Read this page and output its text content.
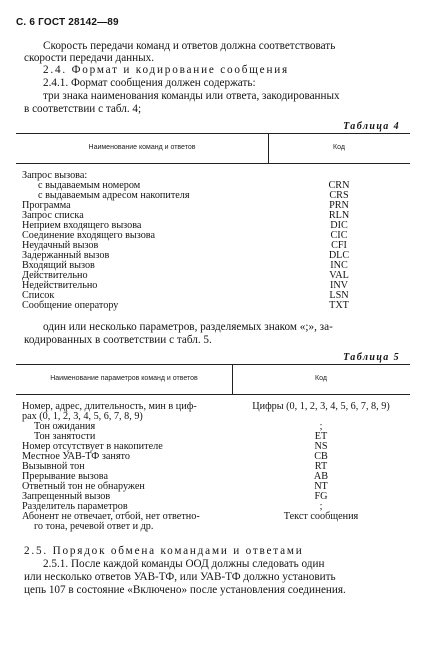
С. 6 ГОСТ 28142—89
Скорость передачи команд и ответов должна соответствовать
скорости передачи данных.
2.4. Формат и кодирование сообщения
2.4.1. Формат сообщения должен содержать:
три знака наименования команды или ответа, закодированных
в соответствии с табл. 4;
Таблица 4
Наименование команд и ответов	Код
Запрос вызова:
с выдаваемым номером	CRN
с выдаваемым адресом накопителя	CRS
Программа	PRN
Запрос списка	RLN
Неприем входящего вызова	DIC
Соединение входящего вызова	CIC
Неудачный вызов	CFI
Задержанный вызов	DLC
Входящий вызов	INC
Действительно	VAL
Недействительно	INV
Список	LSN
Сообщение оператору	TXT
один или несколько параметров, разделяемых знаком «;», за-
кодированных в соответствии с табл. 5.
Таблица 5
Наименование параметров команд и ответов	Код
Номер, адрес, длительность, мин в циф-	Цифры (0, 1, 2, 3, 4, 5, 6, 7, 8, 9)
рах (0, 1, 2, 3, 4, 5, 6, 7, 8, 9)
Тон ожидания	;
Тон занятости	ET
Номер отсутствует в накопителе	NS
Местное УАВ-ТФ занято	CB
Вызывной тон	RT
Прерывание вызова	AB
Ответный тон не обнаружен	NT
Запрещенный вызов	FG
Разделитель параметров	;
Абонент не отвечает, отбой, нет ответно-	Текст сообщения
го тона, речевой ответ и др.
2.5. Порядок обмена командами и ответами
2.5.1. После каждой команды ООД должны следовать один
или несколько ответов УАВ-ТФ, или УАВ-ТФ должно установить
цепь 107 в состояние «Включено» после установления соединения.
